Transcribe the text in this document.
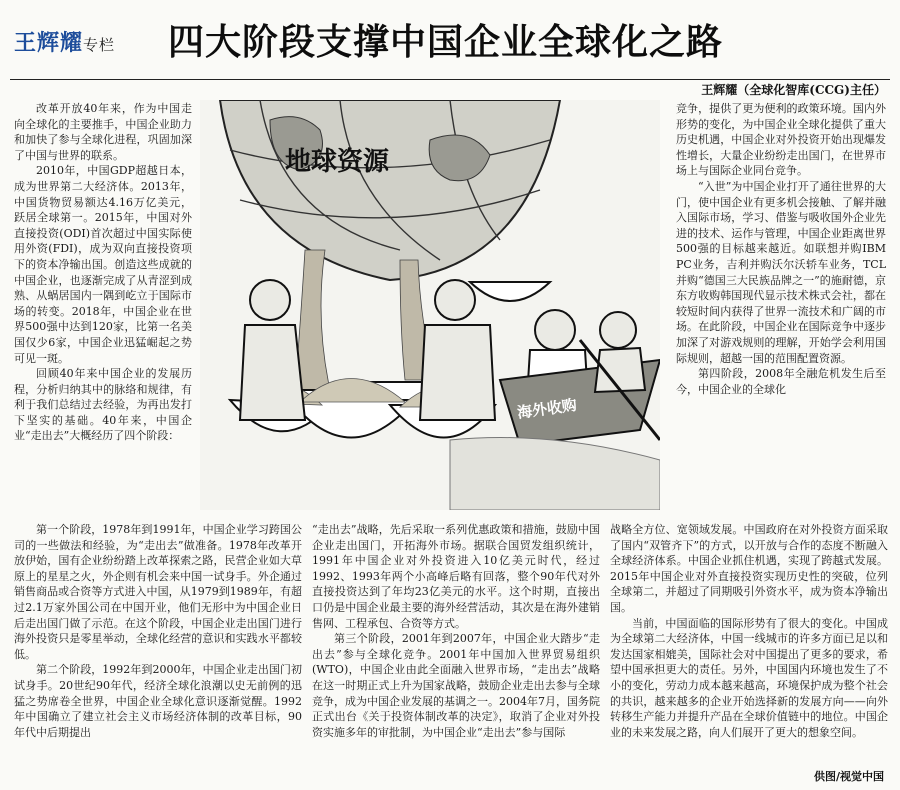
王辉耀专栏 四大阶段支撑中国企业全球化之路
王辉耀（全球化智库(CCG)主任）

改革开放40年来，作为中国走向全球化的主要推手，中国企业助力和加快了参与全球化进程，巩固加深了中国与世界的联系。

2010年，中国GDP超越日本，成为世界第二大经济体。2013年，中国货物贸易额达4.16万亿美元，跃居全球第一。2015年，中国对外直接投资(ODI)首次超过中国实际使用外资(FDI)，成为双向直接投资项下的资本净输出国。创造这些成就的中国企业，也逐渐完成了从青涩到成熟、从蜗居国内一隅到屹立于国际市场的转变。2018年，中国企业在世界500强中达到120家，比第一名美国仅少6家，中国企业迅猛崛起之势可见一斑。

回顾40年来中国企业的发展历程，分析归纳其中的脉络和规律，有利于我们总结过去经验，为再出发打下坚实的基础。40年来，中国企业“走出去”大概经历了四个阶段：

地球资源
海外收购

竞争，提供了更为便利的政策环境。国内外形势的变化，为中国企业全球化提供了重大历史机遇，中国企业对外投资开始出现爆发性增长，大量企业纷纷走出国门，在世界市场上与国际企业同台竞争。

“入世”为中国企业打开了通往世界的大门，使中国企业有更多机会接触、了解并融入国际市场，学习、借鉴与吸收国外企业先进的技术、运作与管理，中国企业距离世界500强的目标越来越近。如联想并购IBM PC业务，吉利并购沃尔沃轿车业务，TCL并购“德国三大民族品牌之一”的施耐德，京东方收购韩国现代显示技术株式会社，都在较短时间内获得了世界一流技术和广阔的市场。在此阶段，中国企业在国际竞争中逐步加深了对游戏规则的理解，开始学会利用国际规则，超越一国的范围配置资源。

第四阶段，2008年全融危机发生后至今，中国企业的全球化

第一个阶段，1978年到1991年，中国企业学习跨国公司的一些做法和经验，为“走出去”做准备。1978年改革开放伊始，国有企业纷纷踏上改革探索之路，民营企业如大草原上的星星之火，外企则有机会来中国一试身手。外企通过销售商品或合资等方式进入中国，从1979到1989年，有超过2.1万家外国公司在中国开业，他们无形中为中国企业日后走出国门做了示范。在这个阶段，中国企业走出国门进行海外投资只是零星举动，全球化经营的意识和实践水平都较低。

第二个阶段，1992年到2000年，中国企业走出国门初试身手。20世纪90年代，经济全球化浪潮以史无前例的迅猛之势席卷全世界，中国企业全球化意识逐渐觉醒。1992年中国确立了建立社会主义市场经济体制的改革目标，90年代中后期提出

“走出去”战略，先后采取一系列优惠政策和措施，鼓励中国企业走出国门，开拓海外市场。据联合国贸发组织统计，1991年中国企业对外投资进入10亿美元时代，经过1992、1993年两个小高峰后略有回落，整个90年代对外直接投资达到了年均23亿美元的水平。这个时期，直接出口仍是中国企业最主要的海外经营活动，其次是在海外建销售网、工程承包、合资等方式。

第三个阶段，2001年到2007年，中国企业大踏步“走出去”参与全球化竞争。2001年中国加入世界贸易组织(WTO)，中国企业由此全面融入世界市场，“走出去”战略在这一时期正式上升为国家战略，鼓励企业走出去参与全球竞争，成为中国企业发展的基调之一。2004年7月，国务院正式出台《关于投资体制改革的决定》，取消了企业对外投资实施多年的审批制，为中国企业“走出去”参与国际

战略全方位、宽领域发展。中国政府在对外投资方面采取了国内“双管齐下”的方式，以开放与合作的态度不断融入全球经济体系。中国企业抓住机遇，实现了跨越式发展。2015年中国企业对外直接投资实现历史性的突破，位列全球第二，并超过了同期吸引外资水平，成为资本净输出国。

当前，中国面临的国际形势有了很大的变化。中国成为全球第二大经济体，中国一线城市的许多方面已足以和发达国家相媲美，国际社会对中国提出了更多的要求，希望中国承担更大的责任。另外，中国国内环境也发生了不小的变化，劳动力成本越来越高，环境保护成为整个社会的共识，越来越多的企业开始选择新的发展方向——向外转移生产能力并提升产品在全球价值链中的地位。中国企业的未来发展之路，向人们展开了更大的想象空间。

供图/视觉中国
